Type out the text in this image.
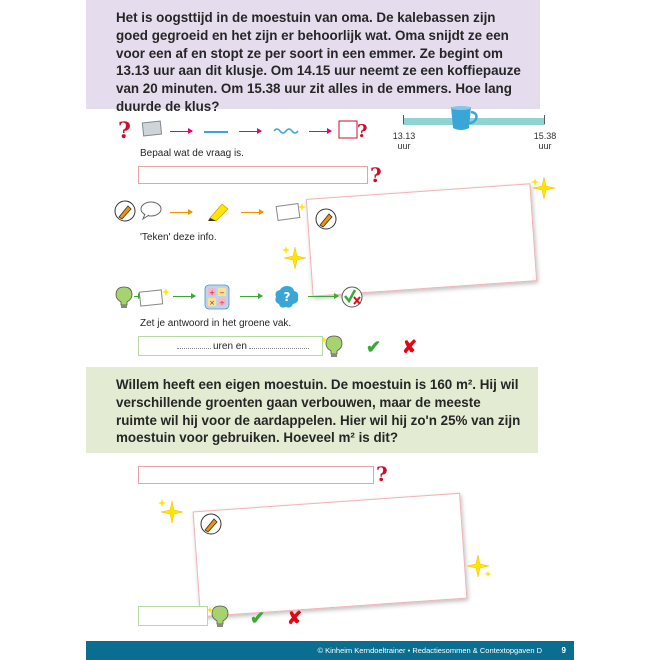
Het is oogsttijd in de moestuin van oma. De kalebassen zijn goed gegroeid en het zijn er behoorlijk wat. Oma snijdt ze een voor een af en stopt ze per soort in een emmer. Ze begint om 13.13 uur aan dit klusje. Om 14.15 uur neemt ze een koffiepauze van 20 minuten. Om 15.38 uur zit alles in de emmers. Hoe lang duurde de klus?

?	?	13.13
uur
15.38
uur
Bepaal wat de vraag is.
?
'Teken' deze info.
+ −
× ÷	?
Zet je antwoord in het groene vak.
uren en	✔ ✘

Willem heeft een eigen moestuin. De moestuin is 160 m². Hij wil verschillende groenten gaan verbouwen, maar de meeste ruimte wil hij voor de aardappelen. Hier wil hij zo'n 25% van zijn moestuin voor gebruiken. Hoeveel m² is dit?

?
✔ ✘
© Kinheim Kerndoeltrainer • Redactiesommen & Contextopgaven D 9
